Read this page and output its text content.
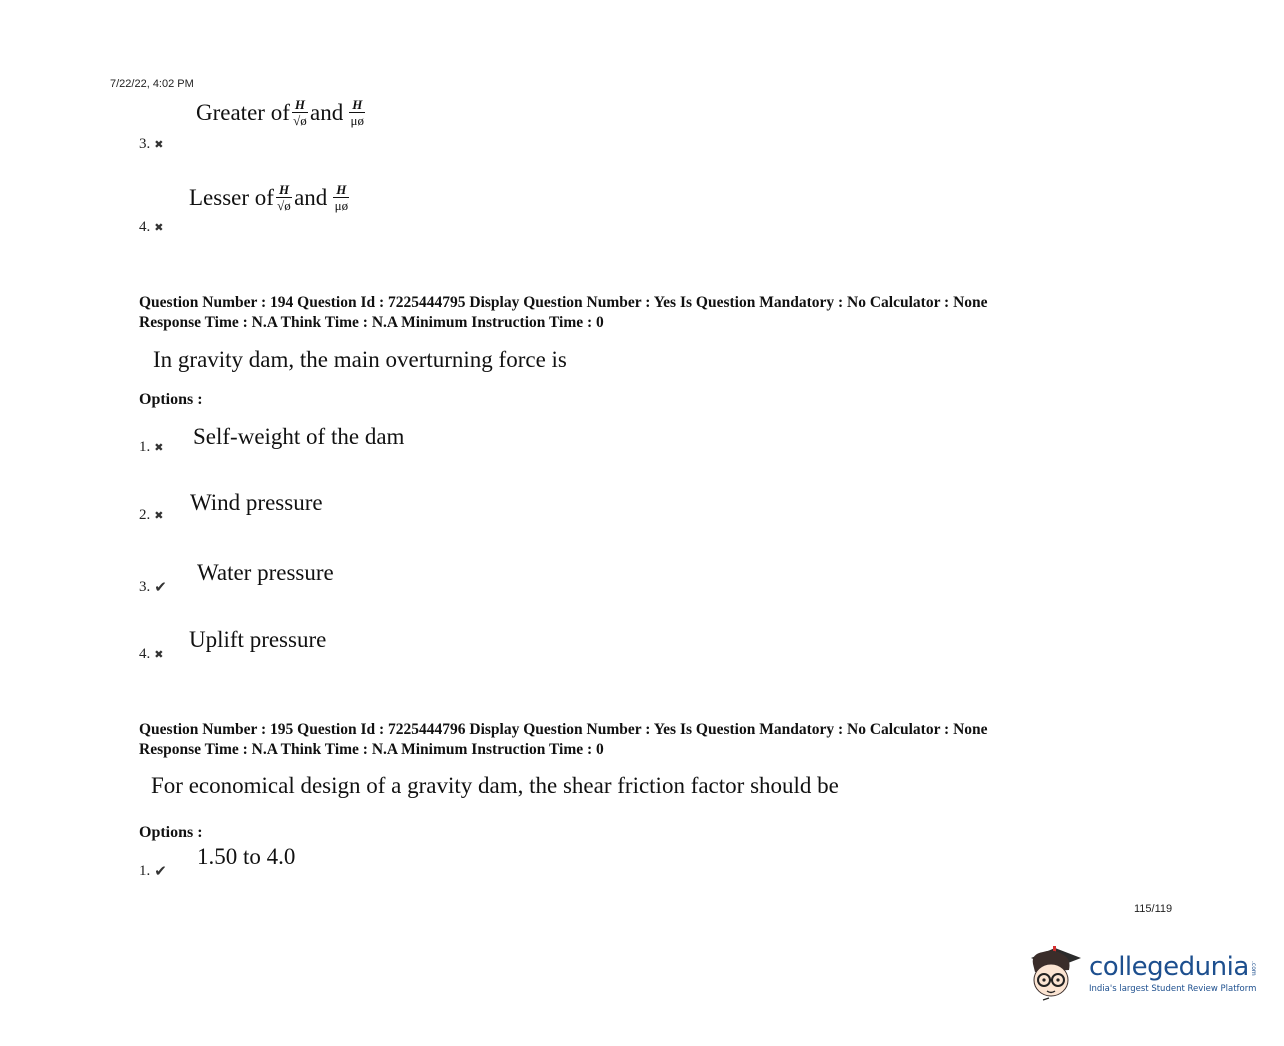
7/22/22, 4:02 PM
Greater of $\frac{H}{√ø}$ and $\frac{H}{\mu ø}$
3. ✖
Lesser of $\frac{H}{√ø}$ and $\frac{H}{\mu ø}$
4. ✖
Question Number : 194 Question Id : 7225444795 Display Question Number : Yes Is Question Mandatory : No Calculator : None
Response Time : N.A Think Time : N.A Minimum Instruction Time : 0
In gravity dam, the main overturning force is
Options :
1. ✖ Self-weight of the dam
2. ✖
Wind pressure
3. ✔
Water pressure
4. ✖
Uplift pressure
Question Number : 195 Question Id : 7225444796 Display Question Number : Yes Is Question Mandatory : No Calculator : None
Response Time : N.A Think Time : N.A Minimum Instruction Time : 0
For economical design of a gravity dam, the shear friction factor should be
Options :
1. ✔
1.50 to 4.0
115/119
collegedunia .com
India's largest Student Review Platform
